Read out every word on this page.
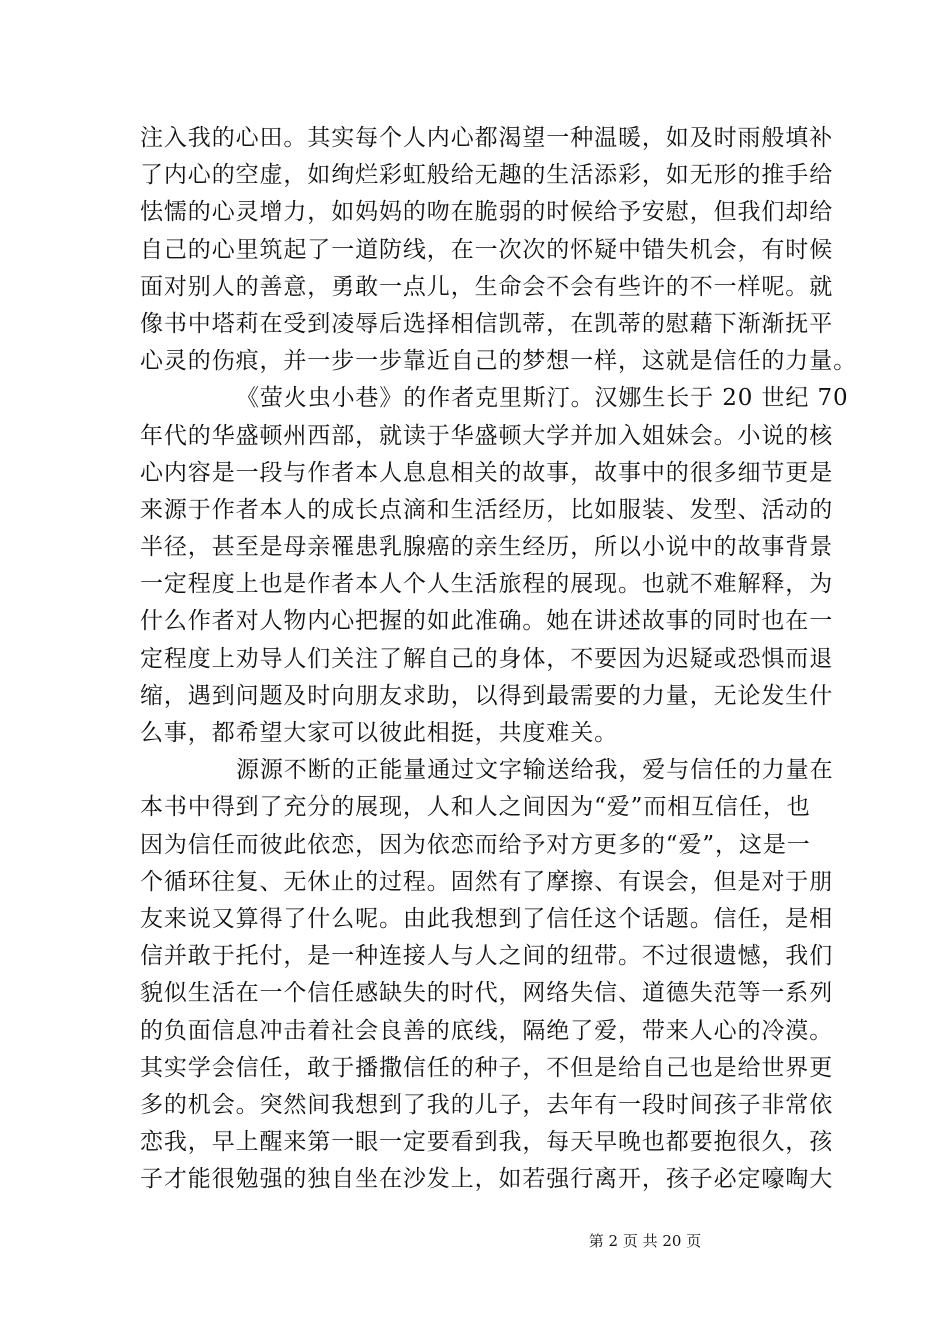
注入我的心田。其实每个人内心都渴望一种温暖，如及时雨般填补
了内心的空虚，如绚烂彩虹般给无趣的生活添彩，如无形的推手给
怯懦的心灵增力，如妈妈的吻在脆弱的时候给予安慰，但我们却给
自己的心里筑起了一道防线，在一次次的怀疑中错失机会，有时候
面对别人的善意，勇敢一点儿，生命会不会有些许的不一样呢。就
像书中塔莉在受到凌辱后选择相信凯蒂，在凯蒂的慰藉下渐渐抚平
心灵的伤痕，并一步一步靠近自己的梦想一样，这就是信任的力量。
《萤火虫小巷》的作者克里斯汀。汉娜生长于 20 世纪 70
年代的华盛顿州西部，就读于华盛顿大学并加入姐妹会。小说的核
心内容是一段与作者本人息息相关的故事，故事中的很多细节更是
来源于作者本人的成长点滴和生活经历，比如服装、发型、活动的
半径，甚至是母亲罹患乳腺癌的亲生经历，所以小说中的故事背景
一定程度上也是作者本人个人生活旅程的展现。也就不难解释，为
什么作者对人物内心把握的如此准确。她在讲述故事的同时也在一
定程度上劝导人们关注了解自己的身体，不要因为迟疑或恐惧而退
缩，遇到问题及时向朋友求助，以得到最需要的力量，无论发生什
么事，都希望大家可以彼此相挺，共度难关。
源源不断的正能量通过文字输送给我，爱与信任的力量在
本书中得到了充分的展现，人和人之间因为“爱”而相互信任，也
因为信任而彼此依恋，因为依恋而给予对方更多的“爱”，这是一
个循环往复、无休止的过程。固然有了摩擦、有误会，但是对于朋
友来说又算得了什么呢。由此我想到了信任这个话题。信任，是相
信并敢于托付，是一种连接人与人之间的纽带。不过很遗憾，我们
貌似生活在一个信任感缺失的时代，网络失信、道德失范等一系列
的负面信息冲击着社会良善的底线，隔绝了爱，带来人心的冷漠。
其实学会信任，敢于播撒信任的种子，不但是给自己也是给世界更
多的机会。突然间我想到了我的儿子，去年有一段时间孩子非常依
恋我，早上醒来第一眼一定要看到我，每天早晚也都要抱很久，孩
子才能很勉强的独自坐在沙发上，如若强行离开，孩子必定嚎啕大
第 2 页 共 20 页
